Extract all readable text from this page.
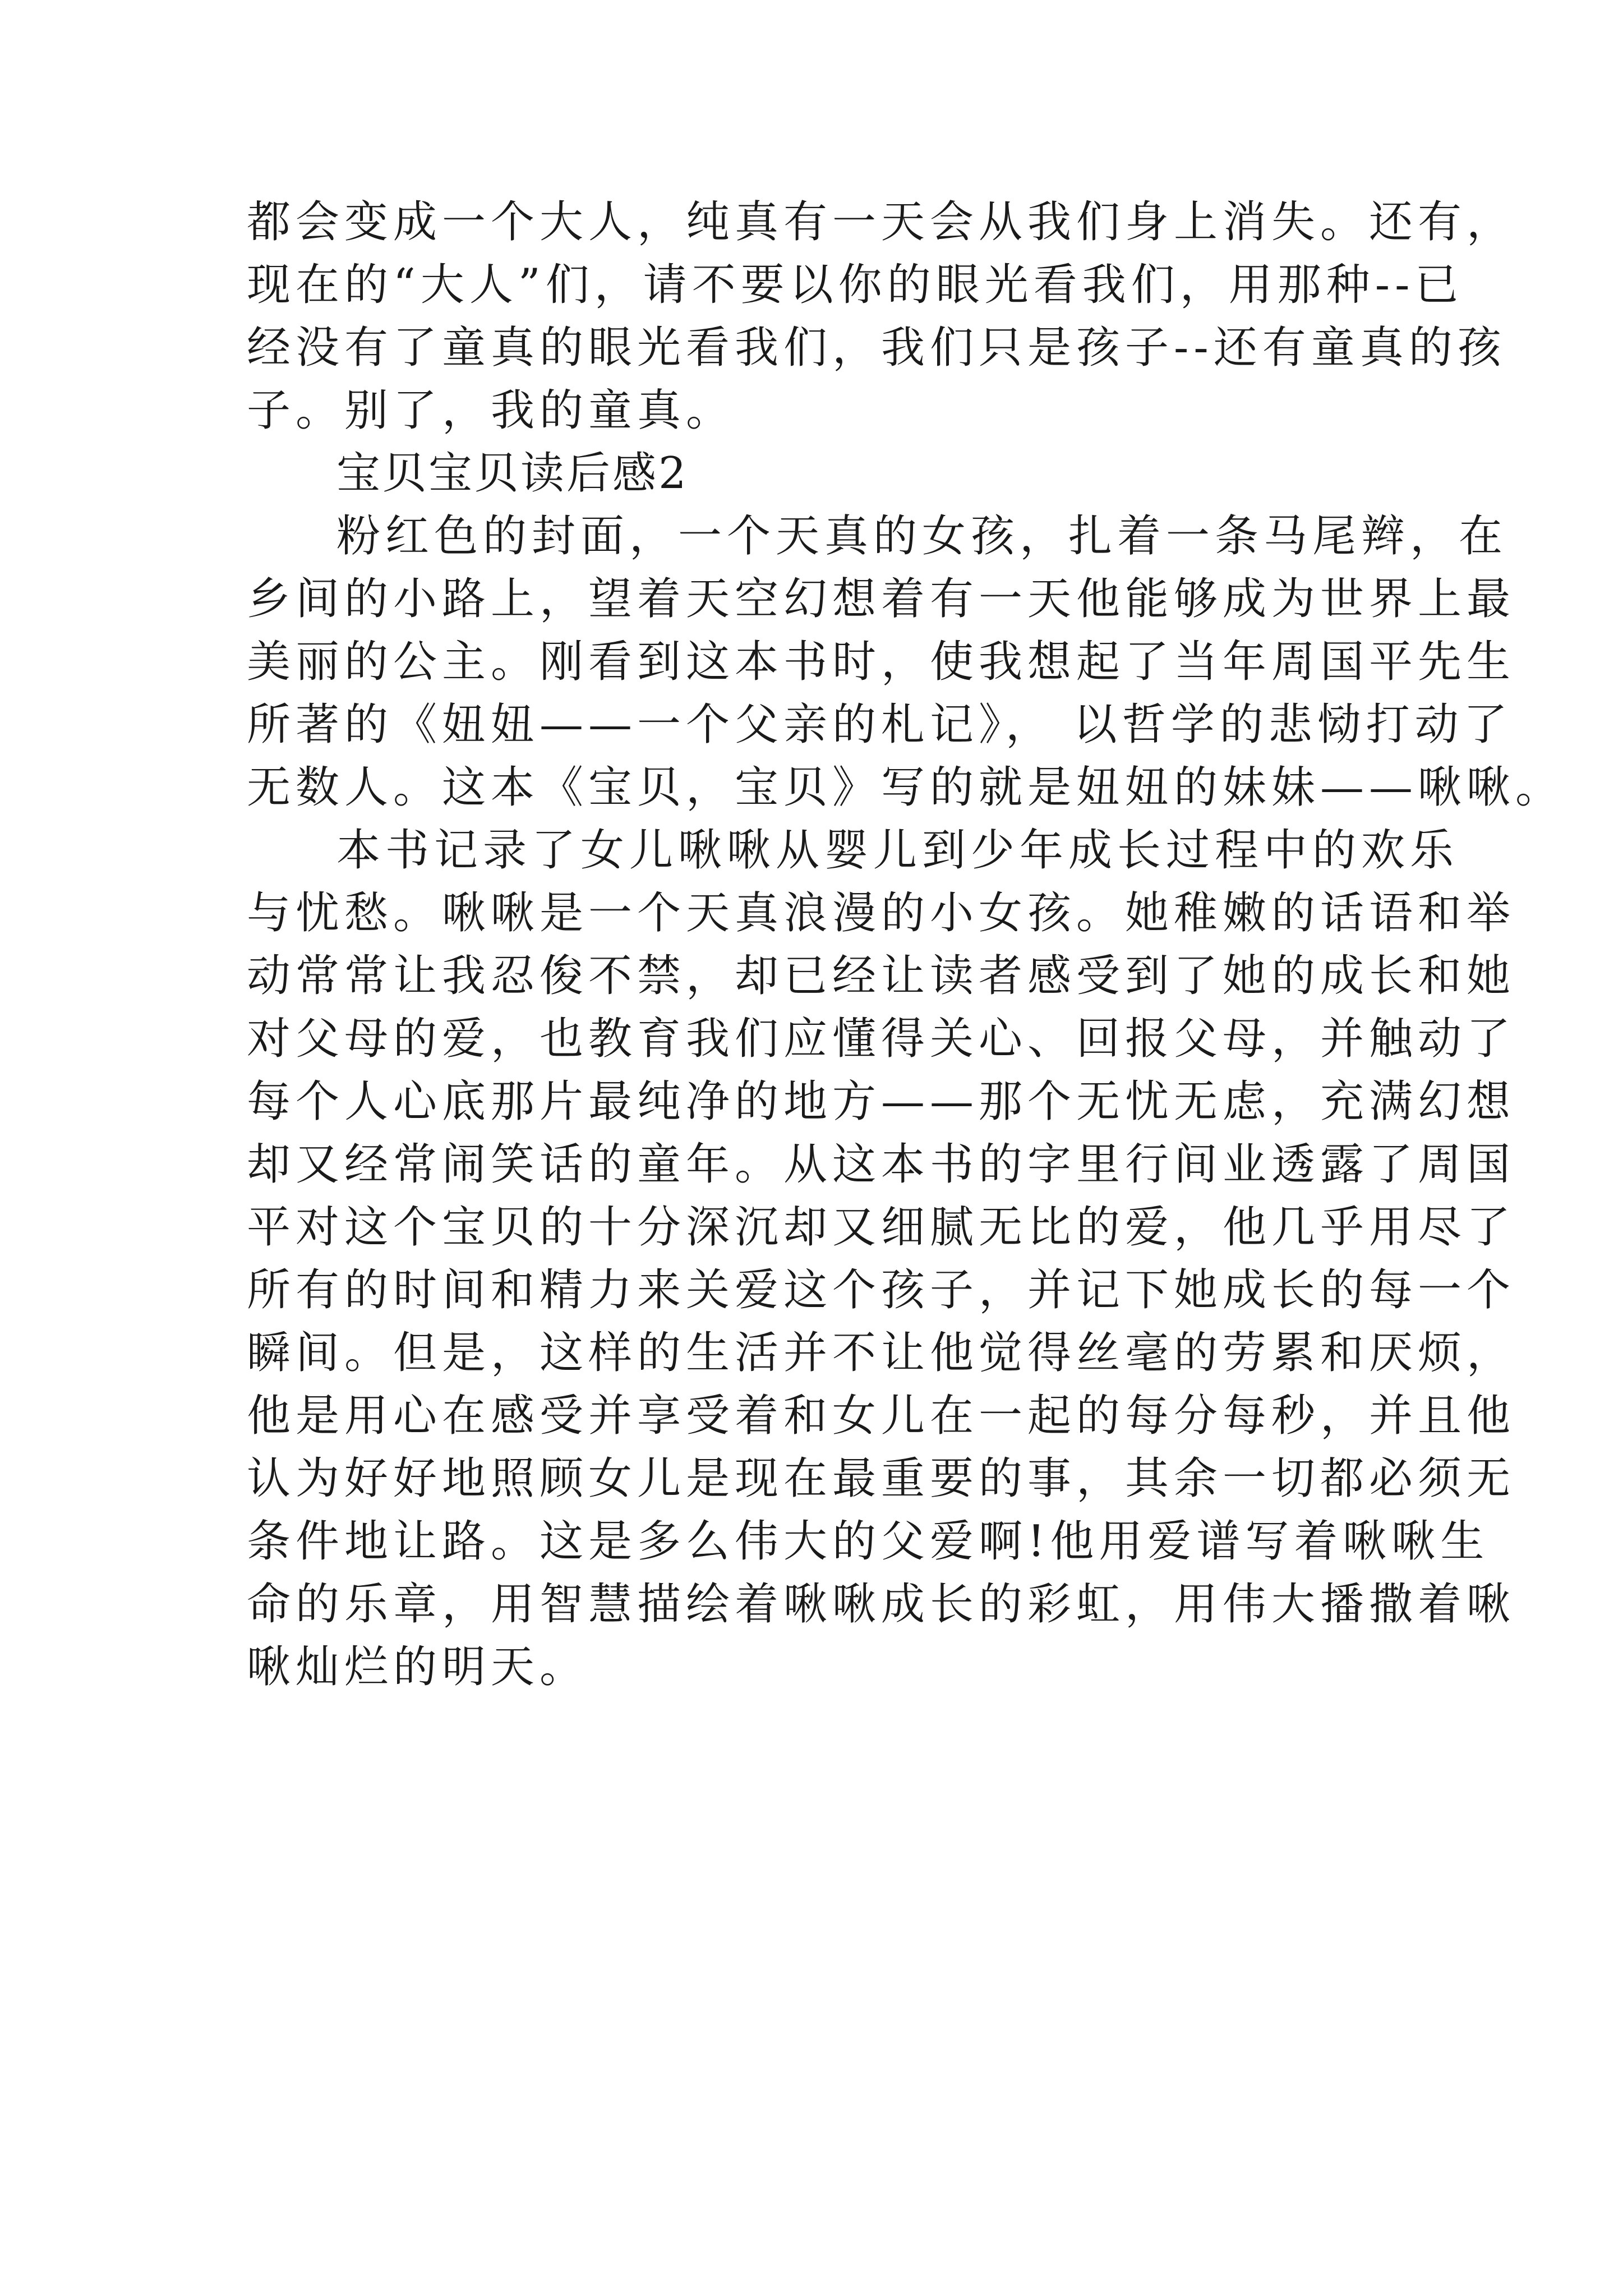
都会变成一个大人，纯真有一天会从我们身上消失。还有，
现在的“大人”们，请不要以你的眼光看我们，用那种--已
经没有了童真的眼光看我们，我们只是孩子--还有童真的孩
子。别了，我的童真。
宝贝宝贝读后感2
粉红色的封面，一个天真的女孩，扎着一条马尾辫，在
乡间的小路上，望着天空幻想着有一天他能够成为世界上最
美丽的公主。刚看到这本书时，使我想起了当年周国平先生
所著的《妞妞——一个父亲的札记》， 以哲学的悲恸打动了
无数人。这本《宝贝，宝贝》写的就是妞妞的妹妹——啾啾。
本书记录了女儿啾啾从婴儿到少年成长过程中的欢乐
与忧愁。啾啾是一个天真浪漫的小女孩。她稚嫩的话语和举
动常常让我忍俊不禁，却已经让读者感受到了她的成长和她
对父母的爱，也教育我们应懂得关心、回报父母，并触动了
每个人心底那片最纯净的地方——那个无忧无虑，充满幻想
却又经常闹笑话的童年。从这本书的字里行间业透露了周国
平对这个宝贝的十分深沉却又细腻无比的爱，他几乎用尽了
所有的时间和精力来关爱这个孩子，并记下她成长的每一个
瞬间。但是，这样的生活并不让他觉得丝毫的劳累和厌烦，
他是用心在感受并享受着和女儿在一起的每分每秒，并且他
认为好好地照顾女儿是现在最重要的事，其余一切都必须无
条件地让路。这是多么伟大的父爱啊!他用爱谱写着啾啾生
命的乐章，用智慧描绘着啾啾成长的彩虹，用伟大播撒着啾
啾灿烂的明天。
